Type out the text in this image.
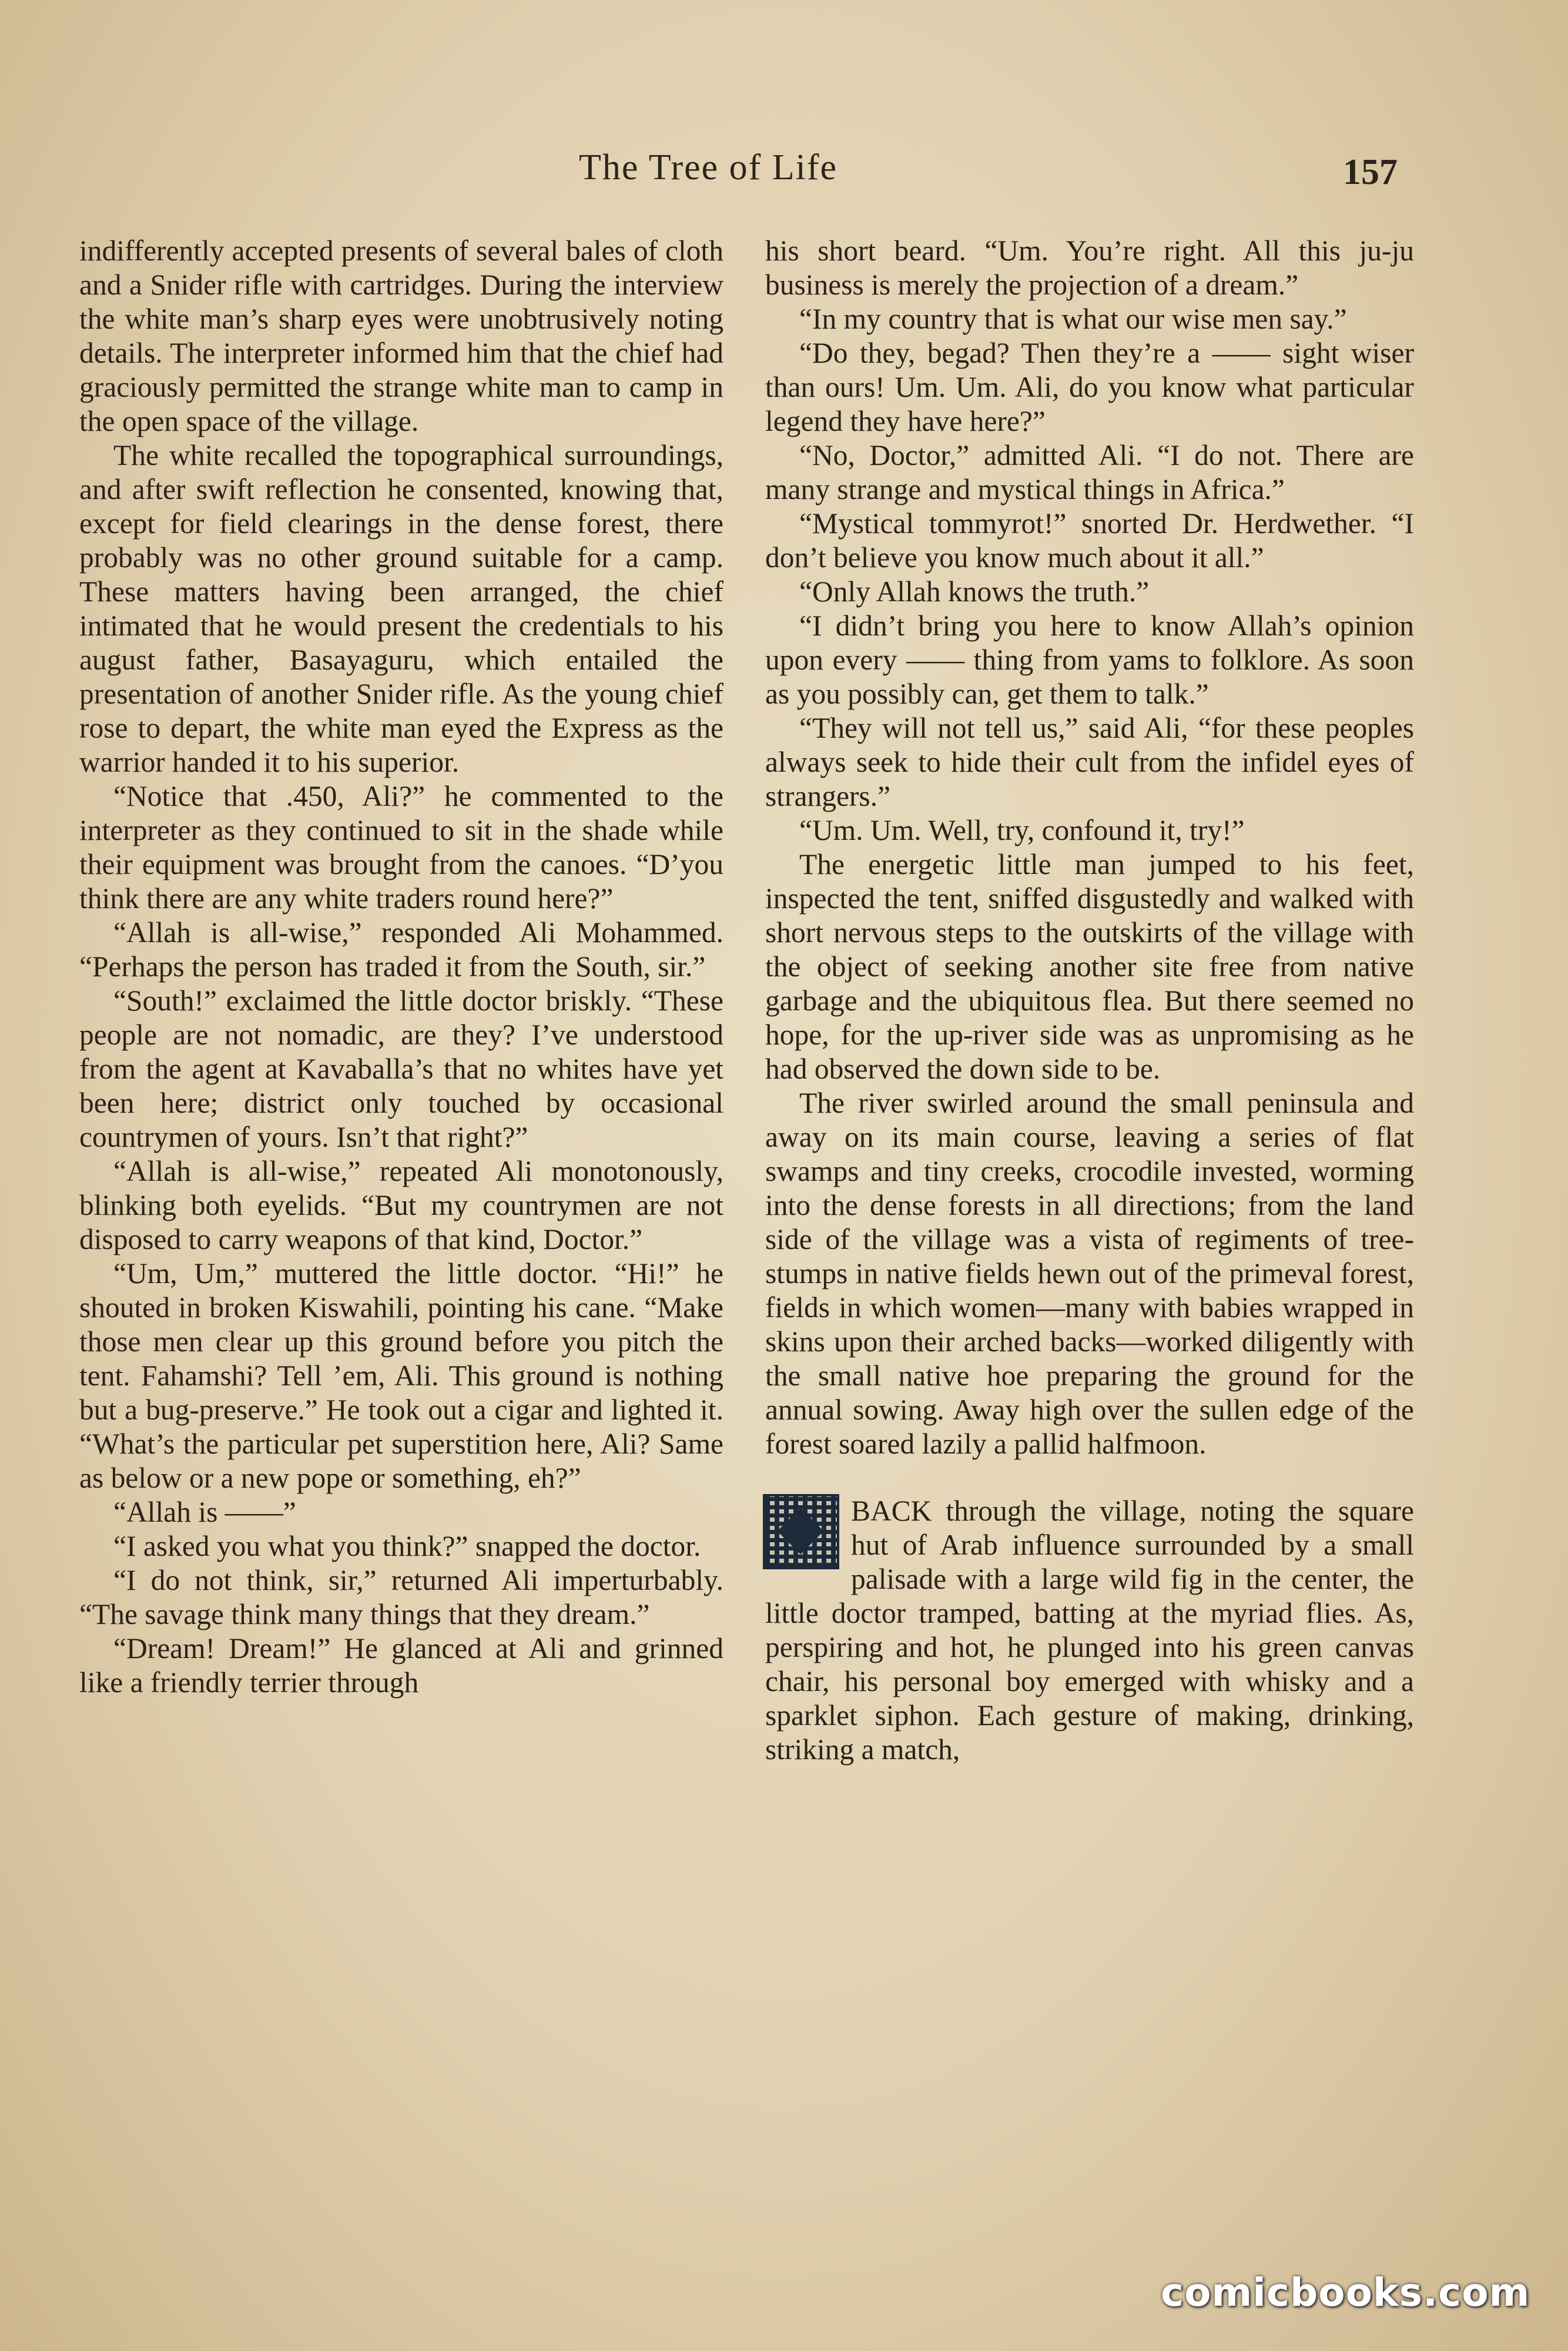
The Tree of Life	157

indifferently accepted presents of several bales of cloth and a Snider rifle with cartridges. During the interview the white man’s sharp eyes were unobtrusively noting details. The interpreter informed him that the chief had graciously permitted the strange white man to camp in the open space of the village.

The white recalled the topographical surroundings, and after swift reflection he consented, knowing that, except for field clearings in the dense forest, there probably was no other ground suitable for a camp. These matters having been arranged, the chief intimated that he would present the credentials to his august father, Basayaguru, which entailed the presentation of another Snider rifle. As the young chief rose to depart, the white man eyed the Express as the warrior handed it to his superior.

“Notice that .450, Ali?” he commented to the interpreter as they continued to sit in the shade while their equipment was brought from the canoes. “D’you think there are any white traders round here?”

“Allah is all-wise,” responded Ali Mohammed. “Perhaps the person has traded it from the South, sir.”

“South!” exclaimed the little doctor briskly. “These people are not nomadic, are they? I’ve understood from the agent at Kavaballa’s that no whites have yet been here; district only touched by occasional countrymen of yours. Isn’t that right?”

“Allah is all-wise,” repeated Ali monotonously, blinking both eyelids. “But my countrymen are not disposed to carry weapons of that kind, Doctor.”

“Um, Um,” muttered the little doctor. “Hi!” he shouted in broken Kiswahili, pointing his cane. “Make those men clear up this ground before you pitch the tent. Fahamshi? Tell ’em, Ali. This ground is nothing but a bug-preserve.” He took out a cigar and lighted it. “What’s the particular pet superstition here, Ali? Same as below or a new pope or something, eh?”

“Allah is ——”

“I asked you what you think?” snapped the doctor.

“I do not think, sir,” returned Ali imperturbably. “The savage think many things that they dream.”

“Dream! Dream!” He glanced at Ali and grinned like a friendly terrier through

his short beard. “Um. You’re right. All this ju-ju business is merely the projection of a dream.”

“In my country that is what our wise men say.”

“Do they, begad? Then they’re a —— sight wiser than ours! Um. Um. Ali, do you know what particular legend they have here?”

“No, Doctor,” admitted Ali. “I do not. There are many strange and mystical things in Africa.”

“Mystical tommyrot!” snorted Dr. Herdwether. “I don’t believe you know much about it all.”

“Only Allah knows the truth.”

“I didn’t bring you here to know Allah’s opinion upon every —— thing from yams to folklore. As soon as you possibly can, get them to talk.”

“They will not tell us,” said Ali, “for these peoples always seek to hide their cult from the infidel eyes of strangers.”

“Um. Um. Well, try, confound it, try!”

The energetic little man jumped to his feet, inspected the tent, sniffed disgustedly and walked with short nervous steps to the outskirts of the village with the object of seeking another site free from native garbage and the ubiquitous flea. But there seemed no hope, for the up-river side was as unpromising as he had observed the down side to be.

The river swirled around the small peninsula and away on its main course, leaving a series of flat swamps and tiny creeks, crocodile invested, worming into the dense forests in all directions; from the land side of the village was a vista of regiments of tree-stumps in native fields hewn out of the primeval forest, fields in which women—many with babies wrapped in skins upon their arched backs—worked diligently with the small native hoe preparing the ground for the annual sowing. Away high over the sullen edge of the forest soared lazily a pallid halfmoon.

BACK through the village, noting the square hut of Arab influence surrounded by a small palisade with a large wild fig in the center, the little doctor tramped, batting at the myriad flies. As, perspiring and hot, he plunged into his green canvas chair, his personal boy emerged with whisky and a sparklet siphon. Each gesture of making, drinking, striking a match,

comicbooks.com
